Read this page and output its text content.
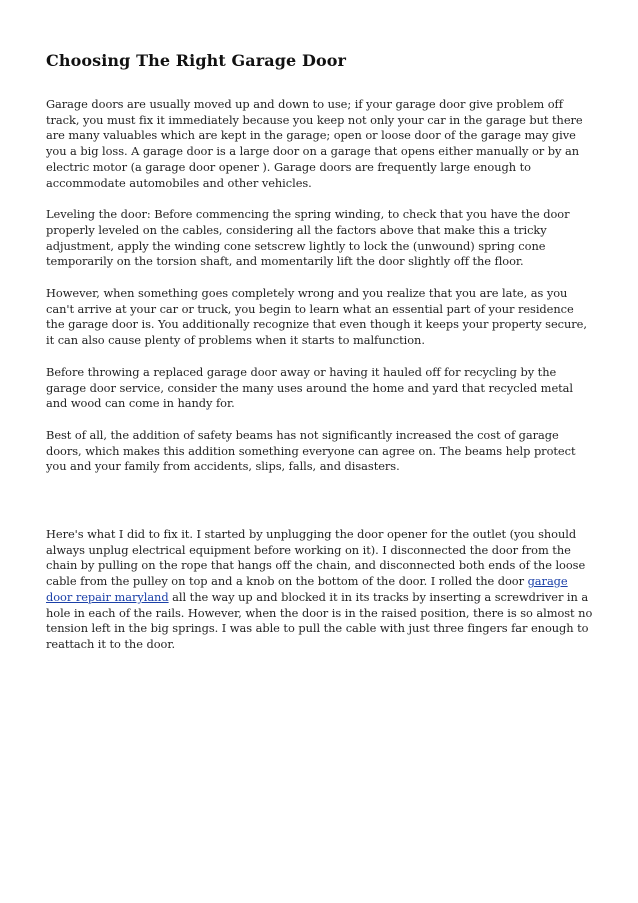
Choosing The Right Garage Door

Garage doors are usually moved up and down to use; if your garage door give problem off track, you must fix it immediately because you keep not only your car in the garage but there are many valuables which are kept in the garage; open or loose door of the garage may give you a big loss. A garage door is a large door on a garage that opens either manually or by an electric motor (a garage door opener ). Garage doors are frequently large enough to accommodate automobiles and other vehicles.

Leveling the door: Before commencing the spring winding, to check that you have the door properly leveled on the cables, considering all the factors above that make this a tricky adjustment, apply the winding cone setscrew lightly to lock the (unwound) spring cone temporarily on the torsion shaft, and momentarily lift the door slightly off the floor.

However, when something goes completely wrong and you realize that you are late, as you can't arrive at your car or truck, you begin to learn what an essential part of your residence the garage door is. You additionally recognize that even though it keeps your property secure, it can also cause plenty of problems when it starts to malfunction.

Before throwing a replaced garage door away or having it hauled off for recycling by the garage door service, consider the many uses around the home and yard that recycled metal and wood can come in handy for.

Best of all, the addition of safety beams has not significantly increased the cost of garage doors, which makes this addition something everyone can agree on. The beams help protect you and your family from accidents, slips, falls, and disasters.

Here's what I did to fix it. I started by unplugging the door opener for the outlet (you should always unplug electrical equipment before working on it). I disconnected the door from the chain by pulling on the rope that hangs off the chain, and disconnected both ends of the loose cable from the pulley on top and a knob on the bottom of the door. I rolled the door garage door repair maryland all the way up and blocked it in its tracks by inserting a screwdriver in a hole in each of the rails. However, when the door is in the raised position, there is so almost no tension left in the big springs. I was able to pull the cable with just three fingers far enough to reattach it to the door.
